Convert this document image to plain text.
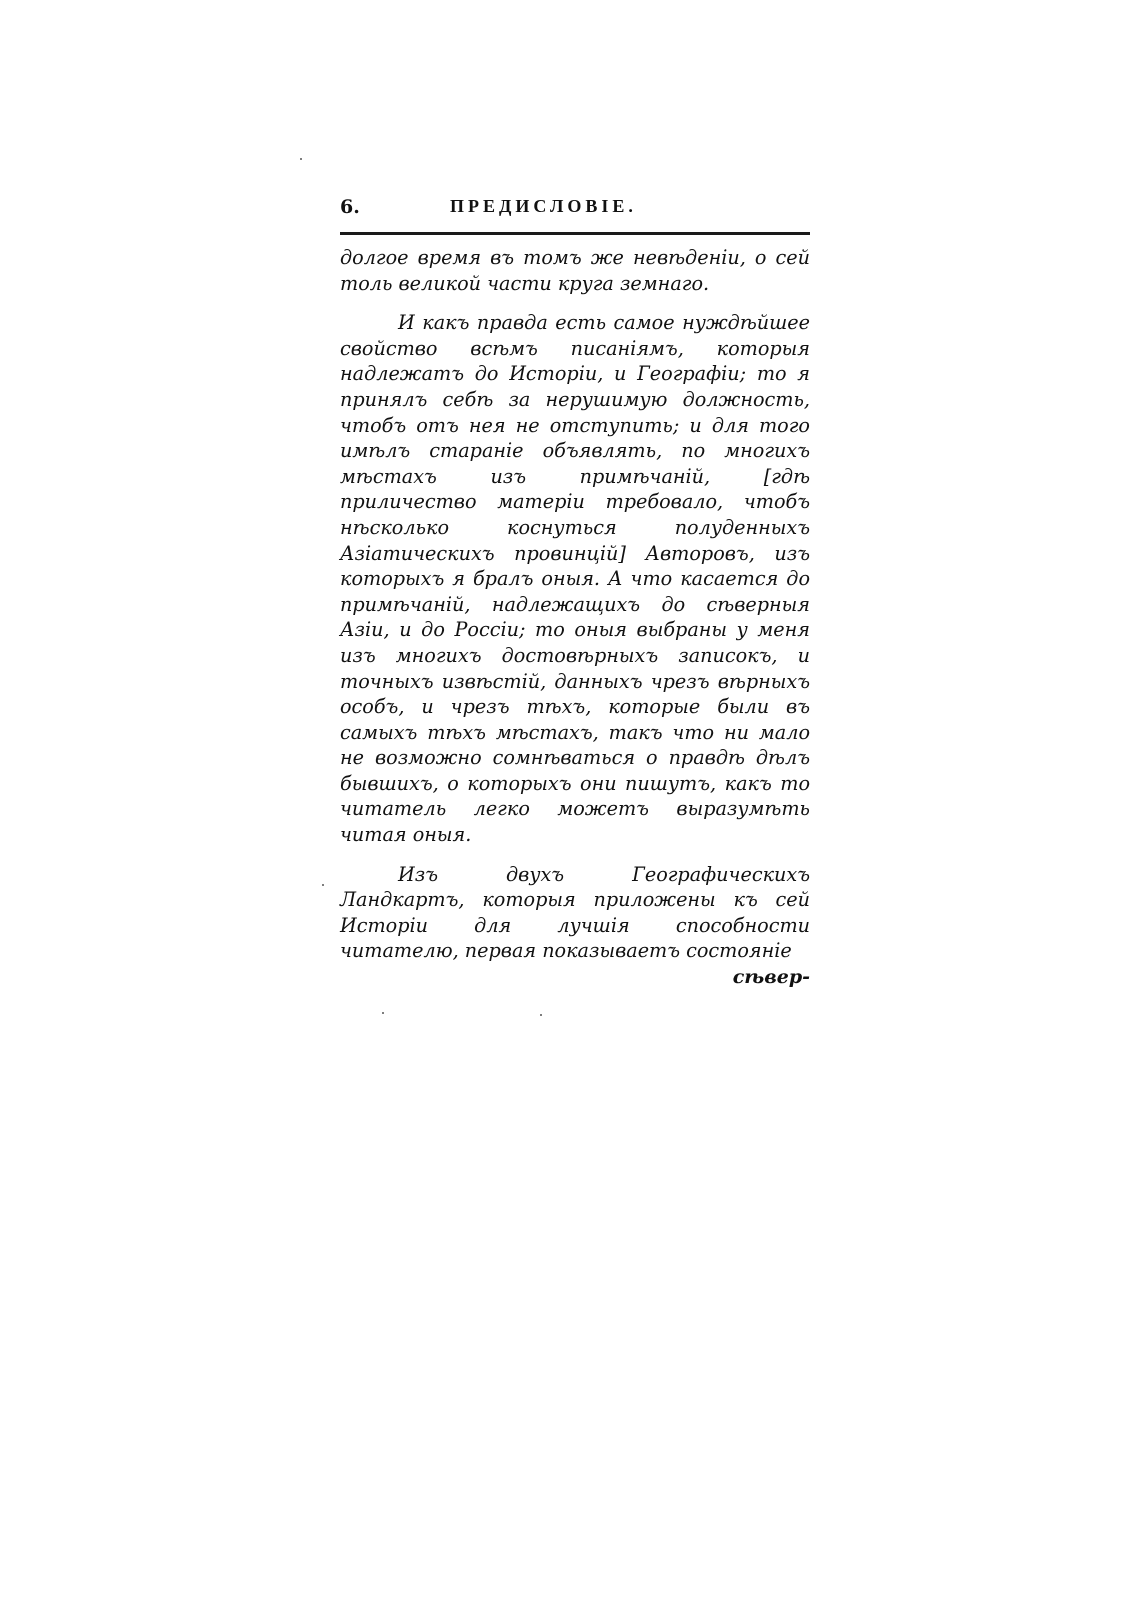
6.	ПРЕДИСЛОВІЕ.

долгое время въ томъ же невѣденіи, о сей толь великой части круга земнаго.

И какъ правда есть самое нуждѣйшее свойство всѣмъ писаніямъ, которыя надлежатъ до Исторіи, и Географіи; то я принялъ себѣ за нерушимую должность, чтобъ отъ нея не отступить; и для того имѣлъ стараніе объявлять, по многихъ мѣстахъ изъ примѣчаній, [гдѣ приличество матеріи требовало, чтобъ нѣсколько коснуться полуденныхъ Азіатическихъ провинцій] Авторовъ, изъ которыхъ я бралъ оныя. А что касается до примѣчаній, надлежащихъ до сѣверныя Азіи, и до Россіи; то оныя выбраны у меня изъ многихъ достовѣрныхъ записокъ, и точныхъ извѣстій, данныхъ чрезъ вѣрныхъ особъ, и чрезъ тѣхъ, которые были въ самыхъ тѣхъ мѣстахъ, такъ что ни мало не возможно сомнѣваться о правдѣ дѣлъ бывшихъ, о которыхъ они пишутъ, какъ то читатель легко можетъ выразумѣть читая оныя.

Изъ двухъ Географическихъ Ландкартъ, которыя приложены къ сей Исторіи для лучшія способности читателю, первая показываетъ состояніе

сѣвер-
